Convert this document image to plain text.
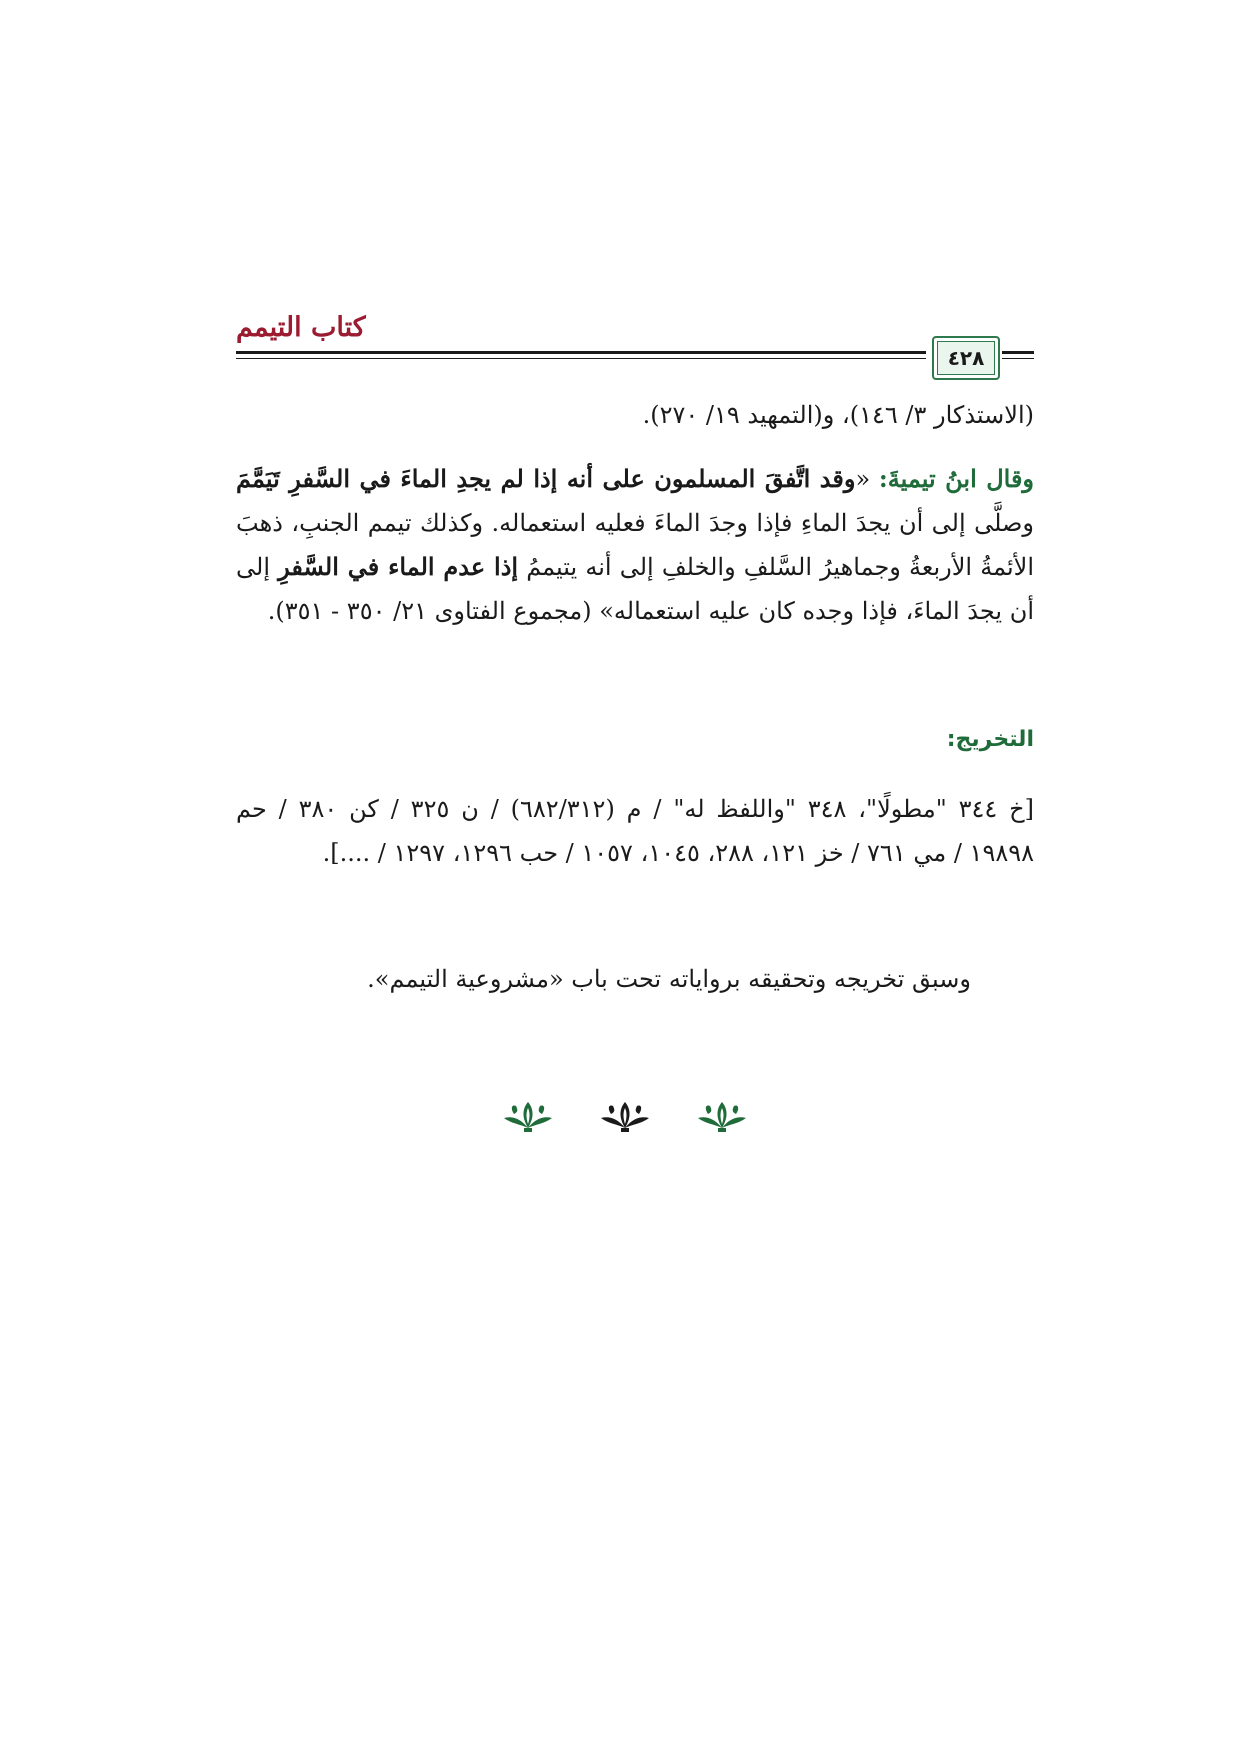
كتاب التيمم
٤٢٨
(الاستذكار ٣/ ١٤٦)، و(التمهيد ١٩/ ٢٧٠).
وقال ابنُ تيميةَ: «وقد اتَّفقَ المسلمون على أنه إذا لم يجدِ الماءَ في السَّفرِ تَيَمَّمَ وصلَّى إلى أن يجدَ الماءِ فإذا وجدَ الماءَ فعليه استعماله. وكذلك تيمم الجنبِ، ذهبَ الأئمةُ الأربعةُ وجماهيرُ السَّلفِ والخلفِ إلى أنه يتيممُ إذا عدم الماء في السَّفرِ إلى أن يجدَ الماءَ، فإذا وجده كان عليه استعماله» (مجموع الفتاوى ٢١/ ٣٥٠ - ٣٥١).
التخريج:
[خ ٣٤٤ "مطولًا"، ٣٤٨ "واللفظ له" / م (٦٨٢/٣١٢) / ن ٣٢٥ / كن ٣٨٠ / حم ١٩٨٩٨ / مي ٧٦١ / خز ١٢١، ٢٨٨، ١٠٤٥، ١٠٥٧ / حب ١٢٩٦، ١٢٩٧ / ....].
وسبق تخريجه وتحقيقه برواياته تحت باب «مشروعية التيمم».
